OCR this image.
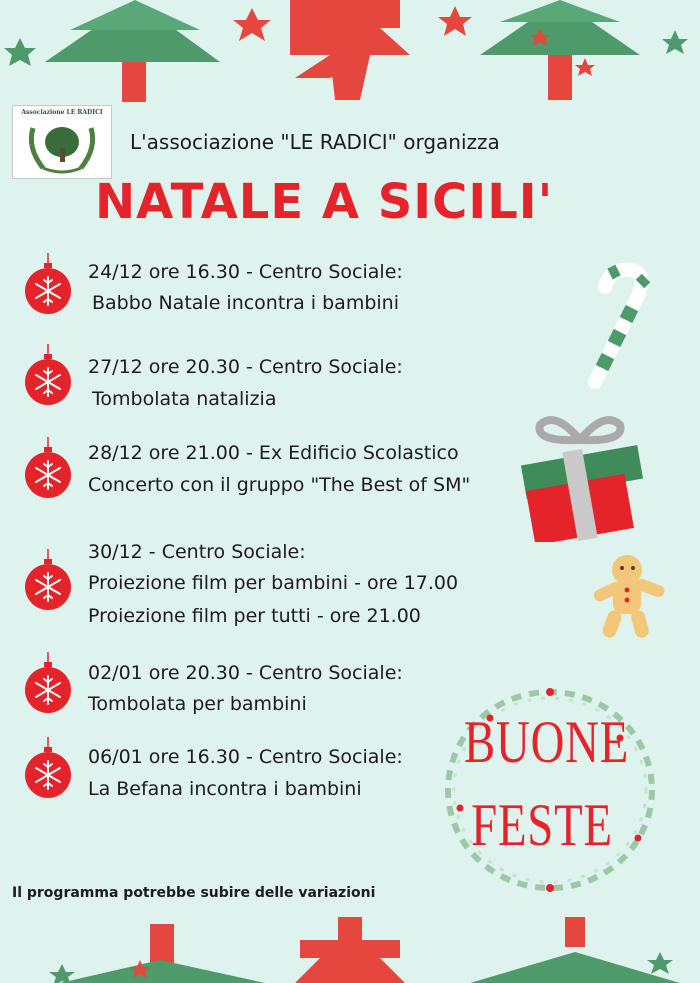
Associazione LE RADICI
L'associazione "LE RADICI" organizza
NATALE A SICILI'
24/12 ore 16.30 - Centro Sociale:
Babbo Natale incontra i bambini
27/12 ore 20.30 - Centro Sociale:
Tombolata natalizia
28/12 ore 21.00 - Ex Edificio Scolastico
Concerto con il gruppo "The Best of SM"
30/12 - Centro Sociale:
Proiezione film per bambini - ore 17.00
Proiezione film per tutti - ore 21.00
02/01 ore 20.30 - Centro Sociale:
Tombolata per bambini
06/01 ore 16.30 - Centro Sociale:
La Befana incontra i bambini
BUONE
FESTE
Il programma potrebbe subire delle variazioni
